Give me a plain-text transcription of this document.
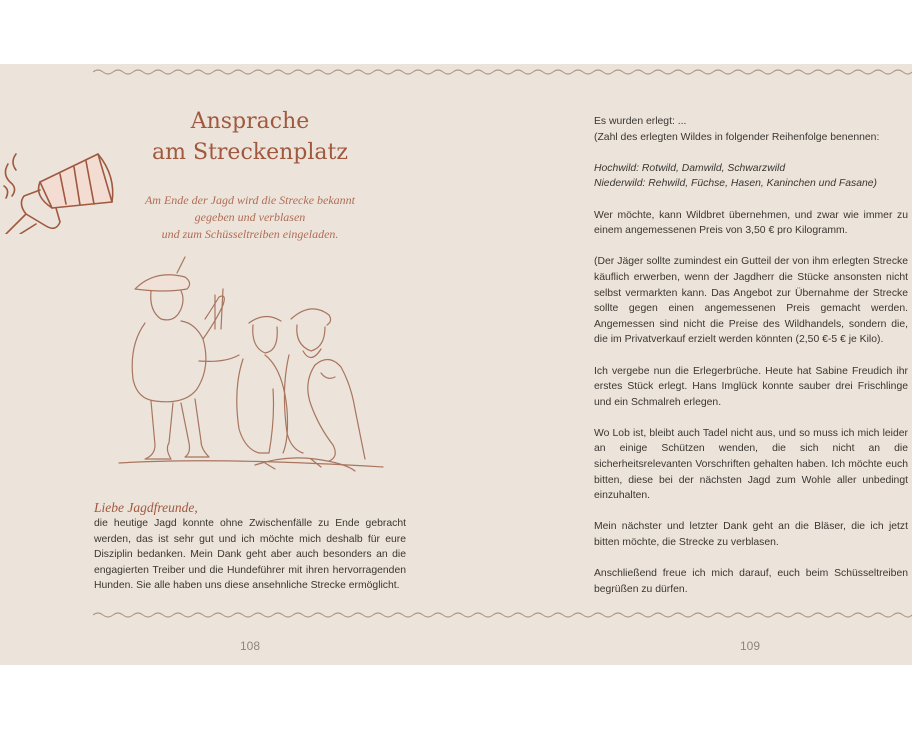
Ansprache
am Streckenplatz
Am Ende der Jagd wird die Strecke bekannt
gegeben und verblasen
und zum Schüsseltreiben eingeladen.
Liebe Jagdfreunde,
die heutige Jagd konnte ohne Zwischenfälle zu Ende gebracht werden, das ist sehr gut und ich möchte mich deshalb für eure Disziplin bedanken. Mein Dank geht aber auch besonders an die engagierten Treiber und die Hundeführer mit ihren hervorragenden Hunden. Sie alle haben uns diese ansehnliche Strecke ermöglicht.

Es wurden erlegt: ...

(Zahl des erlegten Wildes in folgender Reihenfolge benennen:

Hochwild: Rotwild, Damwild, Schwarzwild

Niederwild: Rehwild, Füchse, Hasen, Kaninchen und Fasane)

Wer möchte, kann Wildbret übernehmen, und zwar wie immer zu einem angemessenen Preis von 3,50 € pro Kilogramm.

(Der Jäger sollte zumindest ein Gutteil der von ihm erlegten Strecke käuflich erwerben, wenn der Jagdherr die Stücke ansonsten nicht selbst vermarkten kann. Das Angebot zur Übernahme der Strecke sollte gegen einen angemessenen Preis gemacht werden. Angemessen sind nicht die Preise des Wildhandels, sondern die, die im Privatverkauf erzielt werden könnten (2,50 €-5 € je Kilo).

Ich vergebe nun die Erlegerbrüche. Heute hat Sabine Freudich ihr erstes Stück erlegt. Hans Imglück konnte sauber drei Frischlinge und ein Schmalreh erlegen.

Wo Lob ist, bleibt auch Tadel nicht aus, und so muss ich mich leider an einige Schützen wenden, die sich nicht an die sicherheitsrelevanten Vorschriften gehalten haben. Ich möchte euch bitten, diese bei der nächsten Jagd zum Wohle aller unbedingt einzuhalten.

Mein nächster und letzter Dank geht an die Bläser, die ich jetzt bitten möchte, die Strecke zu verblasen.

Anschließend freue ich mich darauf, euch beim Schüsseltreiben begrüßen zu dürfen.

108	109
